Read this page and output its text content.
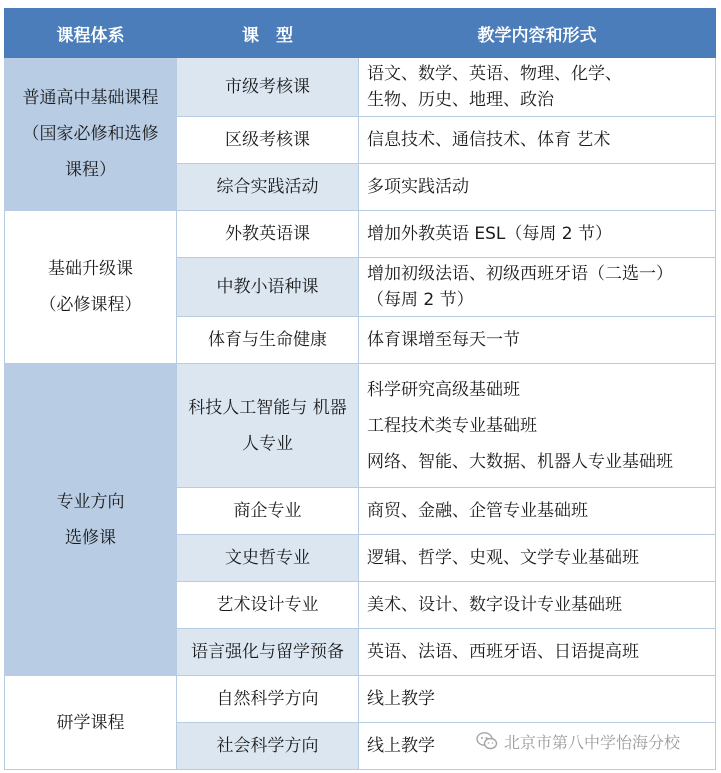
课程体系	课　型	教学内容和形式
普通高中基础课程
（国家必修和选修
课程）	市级考核课	语文、数学、英语、物理、化学、
生物、历史、地理、政治

	区级考核课	信息技术、通信技术、体育 艺术

	综合实践活动	多项实践活动

基础升级课
（必修课程）	外教英语课	增加外教英语 ESL（每周 2 节）

	中教小语种课	增加初级法语、初级西班牙语（二选一）
（每周 2 节）

	体育与生命健康	体育课增至每天一节

专业方向
选修课	科技人工智能与 机器人专业	科学研究高级基础班
工程技术类专业基础班
网络、智能、大数据、机器人专业基础班

	商企专业	商贸、金融、企管专业基础班

	文史哲专业	逻辑、哲学、史观、文学专业基础班

	艺术设计专业	美术、设计、数字设计专业基础班

	语言强化与留学预备	英语、法语、西班牙语、日语提高班

研学课程	自然科学方向	线上教学

	社会科学方向	线上教学	北京市第八中学怡海分校
